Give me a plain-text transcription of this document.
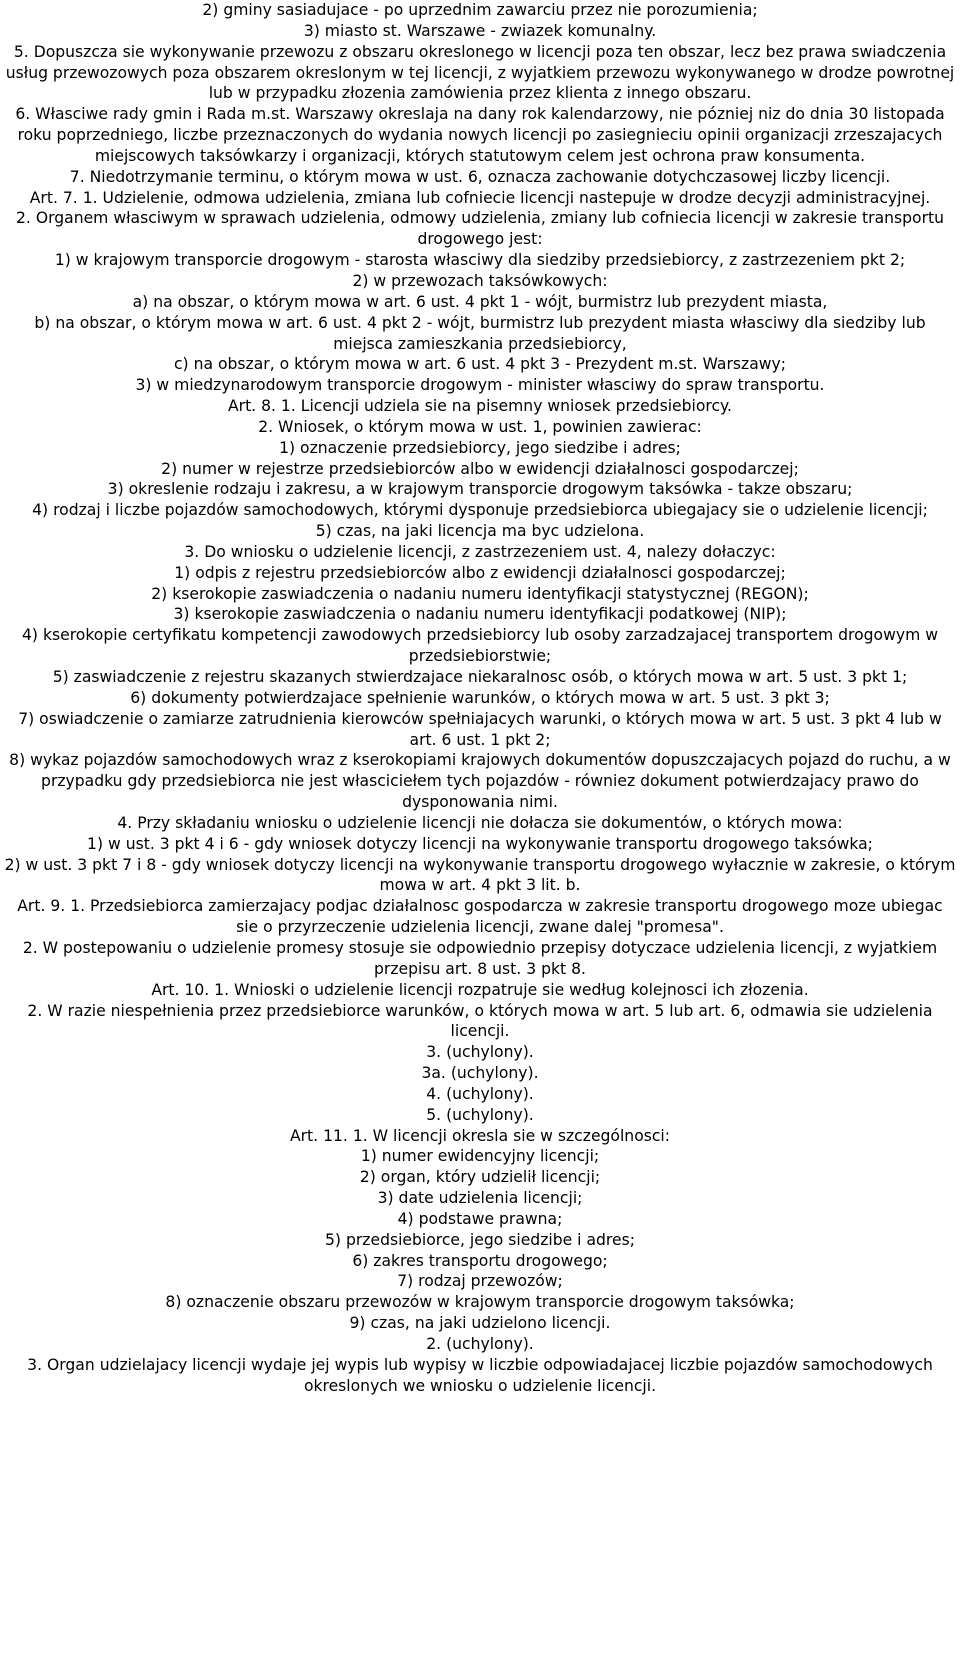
2) gminy sasiadujace - po uprzednim zawarciu przez nie porozumienia;

3) miasto st. Warszawe - zwiazek komunalny.

5. Dopuszcza sie wykonywanie przewozu z obszaru okreslonego w licencji poza ten obszar, lecz bez prawa swiadczenia usług przewozowych poza obszarem okreslonym w tej licencji, z wyjatkiem przewozu wykonywanego w drodze powrotnej lub w przypadku złozenia zamówienia przez klienta z innego obszaru.

6. Własciwe rady gmin i Rada m.st. Warszawy okreslaja na dany rok kalendarzowy, nie pózniej niz do dnia 30 listopada roku poprzedniego, liczbe przeznaczonych do wydania nowych licencji po zasiegnieciu opinii organizacji zrzeszajacych miejscowych taksówkarzy i organizacji, których statutowym celem jest ochrona praw konsumenta.

7. Niedotrzymanie terminu, o którym mowa w ust. 6, oznacza zachowanie dotychczasowej liczby licencji.

Art. 7. 1. Udzielenie, odmowa udzielenia, zmiana lub cofniecie licencji nastepuje w drodze decyzji administracyjnej.

2. Organem własciwym w sprawach udzielenia, odmowy udzielenia, zmiany lub cofniecia licencji w zakresie transportu drogowego jest:

1) w krajowym transporcie drogowym - starosta własciwy dla siedziby przedsiebiorcy, z zastrzezeniem pkt 2;

2) w przewozach taksówkowych:

a) na obszar, o którym mowa w art. 6 ust. 4 pkt 1 - wójt, burmistrz lub prezydent miasta,

b) na obszar, o którym mowa w art. 6 ust. 4 pkt 2 - wójt, burmistrz lub prezydent miasta własciwy dla siedziby lub miejsca zamieszkania przedsiebiorcy,

c) na obszar, o którym mowa w art. 6 ust. 4 pkt 3 - Prezydent m.st. Warszawy;

3) w miedzynarodowym transporcie drogowym - minister własciwy do spraw transportu.

Art. 8. 1. Licencji udziela sie na pisemny wniosek przedsiebiorcy.

2. Wniosek, o którym mowa w ust. 1, powinien zawierac:

1) oznaczenie przedsiebiorcy, jego siedzibe i adres;

2) numer w rejestrze przedsiebiorców albo w ewidencji działalnosci gospodarczej;

3) okreslenie rodzaju i zakresu, a w krajowym transporcie drogowym taksówka - takze obszaru;

4) rodzaj i liczbe pojazdów samochodowych, którymi dysponuje przedsiebiorca ubiegajacy sie o udzielenie licencji;

5) czas, na jaki licencja ma byc udzielona.

3. Do wniosku o udzielenie licencji, z zastrzezeniem ust. 4, nalezy dołaczyc:

1) odpis z rejestru przedsiebiorców albo z ewidencji działalnosci gospodarczej;

2) kserokopie zaswiadczenia o nadaniu numeru identyfikacji statystycznej (REGON);

3) kserokopie zaswiadczenia o nadaniu numeru identyfikacji podatkowej (NIP);

4) kserokopie certyfikatu kompetencji zawodowych przedsiebiorcy lub osoby zarzadzajacej transportem drogowym w przedsiebiorstwie;

5) zaswiadczenie z rejestru skazanych stwierdzajace niekaralnosc osób, o których mowa w art. 5 ust. 3 pkt 1;

6) dokumenty potwierdzajace spełnienie warunków, o których mowa w art. 5 ust. 3 pkt 3;

7) oswiadczenie o zamiarze zatrudnienia kierowców spełniajacych warunki, o których mowa w art. 5 ust. 3 pkt 4 lub w art. 6 ust. 1 pkt 2;

8) wykaz pojazdów samochodowych wraz z kserokopiami krajowych dokumentów dopuszczajacych pojazd do ruchu, a w przypadku gdy przedsiebiorca nie jest własciciełem tych pojazdów - równiez dokument potwierdzajacy prawo do dysponowania nimi.

4. Przy składaniu wniosku o udzielenie licencji nie dołacza sie dokumentów, o których mowa:

1) w ust. 3 pkt 4 i 6 - gdy wniosek dotyczy licencji na wykonywanie transportu drogowego taksówka;

2) w ust. 3 pkt 7 i 8 - gdy wniosek dotyczy licencji na wykonywanie transportu drogowego wyłacznie w zakresie, o którym mowa w art. 4 pkt 3 lit. b.

Art. 9. 1. Przedsiebiorca zamierzajacy podjac działalnosc gospodarcza w zakresie transportu drogowego moze ubiegac sie o przyrzeczenie udzielenia licencji, zwane dalej "promesa".

2. W postepowaniu o udzielenie promesy stosuje sie odpowiednio przepisy dotyczace udzielenia licencji, z wyjatkiem przepisu art. 8 ust. 3 pkt 8.

Art. 10. 1. Wnioski o udzielenie licencji rozpatruje sie według kolejnosci ich złozenia.

2. W razie niespełnienia przez przedsiebiorce warunków, o których mowa w art. 5 lub art. 6, odmawia sie udzielenia licencji.

3. (uchylony).

3a. (uchylony).

4. (uchylony).

5. (uchylony).

Art. 11. 1. W licencji okresla sie w szczególnosci:

1) numer ewidencyjny licencji;

2) organ, który udzielił licencji;

3) date udzielenia licencji;

4) podstawe prawna;

5) przedsiebiorce, jego siedzibe i adres;

6) zakres transportu drogowego;

7) rodzaj przewozów;

8) oznaczenie obszaru przewozów w krajowym transporcie drogowym taksówka;

9) czas, na jaki udzielono licencji.

2. (uchylony).

3. Organ udzielajacy licencji wydaje jej wypis lub wypisy w liczbie odpowiadajacej liczbie pojazdów samochodowych okreslonych we wniosku o udzielenie licencji.
